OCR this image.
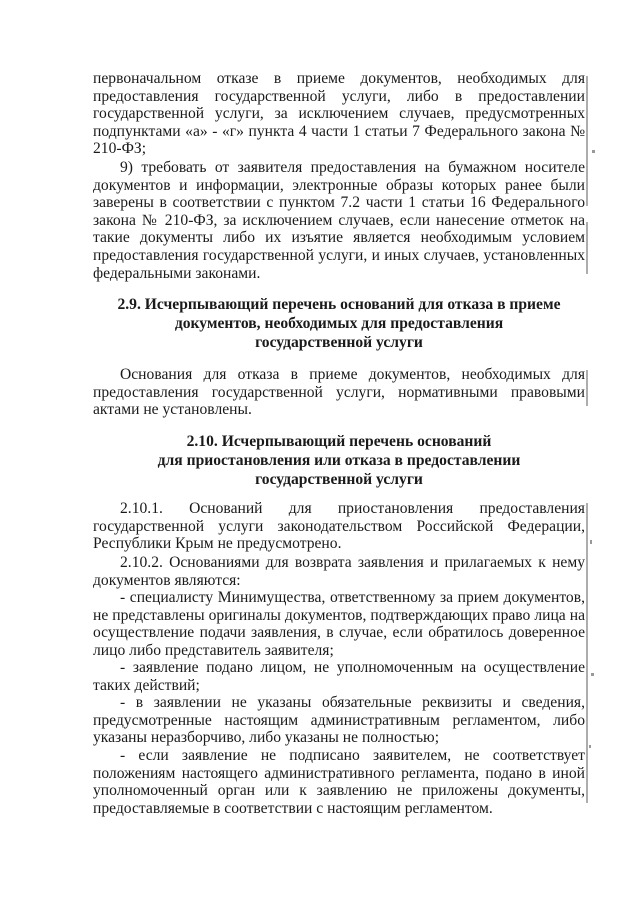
первоначальном отказе в приеме документов, необходимых для предоставления государственной услуги, либо в предоставлении государственной услуги, за исключением случаев, предусмотренных подпунктами «а» - «г» пункта 4 части 1 статьи 7 Федерального закона № 210-ФЗ;

9) требовать от заявителя предоставления на бумажном носителе документов и информации, электронные образы которых ранее были заверены в соответствии с пунктом 7.2 части 1 статьи 16 Федерального закона № 210-ФЗ, за исключением случаев, если нанесение отметок на такие документы либо их изъятие является необходимым условием предоставления государственной услуги, и иных случаев, установленных федеральными законами.

2.9. Исчерпывающий перечень оснований для отказа в приеме

документов, необходимых для предоставления

государственной услуги

Основания для отказа в приеме документов, необходимых для предоставления государственной услуги, нормативными правовыми актами не установлены.

2.10. Исчерпывающий перечень оснований

для приостановления или отказа в предоставлении

государственной услуги

2.10.1. Оснований для приостановления предоставления государственной услуги законодательством Российской Федерации, Республики Крым не предусмотрено.

2.10.2. Основаниями для возврата заявления и прилагаемых к нему документов являются:

- специалисту Минимущества, ответственному за прием документов, не представлены оригиналы документов, подтверждающих право лица на осуществление подачи заявления, в случае, если обратилось доверенное лицо либо представитель заявителя;

- заявление подано лицом, не уполномоченным на осуществление таких действий;

- в заявлении не указаны обязательные реквизиты и сведения, предусмотренные настоящим административным регламентом, либо указаны неразборчиво, либо указаны не полностью;

- если заявление не подписано заявителем, не соответствует положениям настоящего административного регламента, подано в иной уполномоченный орган или к заявлению не приложены документы, предоставляемые в соответствии с настоящим регламентом.
